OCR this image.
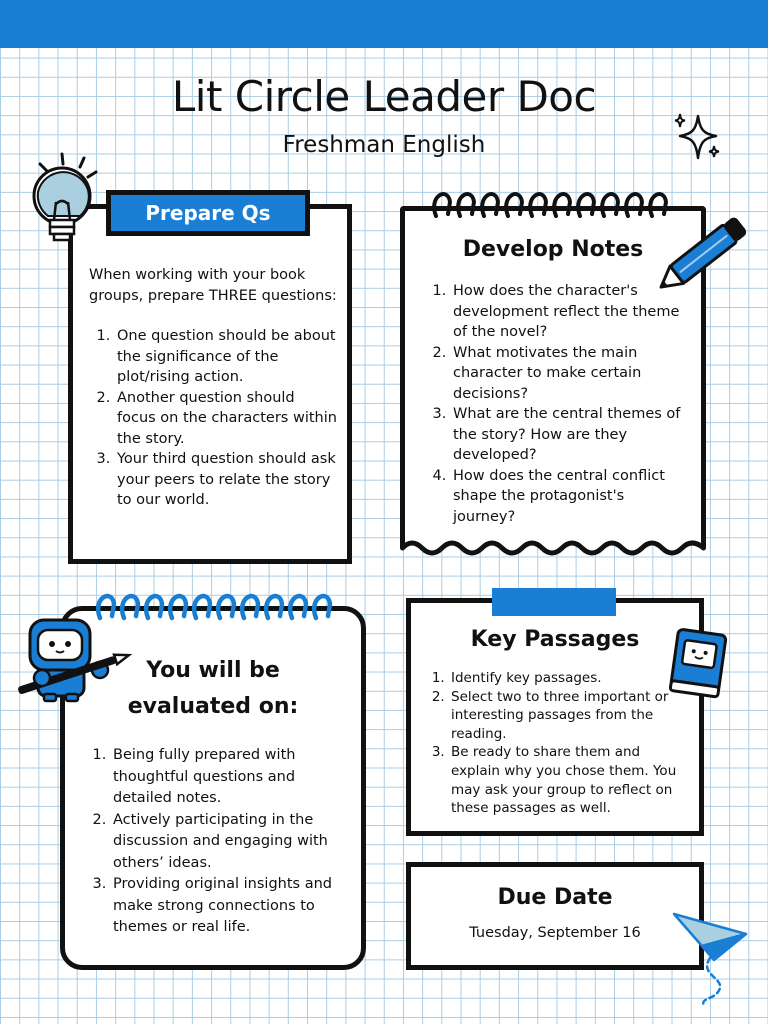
Lit Circle Leader Doc
Freshman English
When working with your book groups, prepare THREE questions:
1. One question should be about the significance of the plot/rising action.
2. Another question should focus on the characters within the story.
3. Your third question should ask your peers to relate the story to our world.
Prepare Qs
Develop Notes
1. How does the character's development reflect the theme of the novel?
2. What motivates the main character to make certain decisions?
3. What are the central themes of the story? How are they developed?
4. How does the central conflict shape the protagonist's journey?
You will be
evaluated on:
1. Being fully prepared with thoughtful questions and detailed notes.
2. Actively participating in the discussion and engaging with others’ ideas.
3. Providing original insights and make strong connections to themes or real life.
Key Passages
1. Identify key passages.
2. Select two to three important or interesting passages from the reading.
3. Be ready to share them and explain why you chose them. You may ask your group to reflect on these passages as well.
Due Date
Tuesday, September 16
